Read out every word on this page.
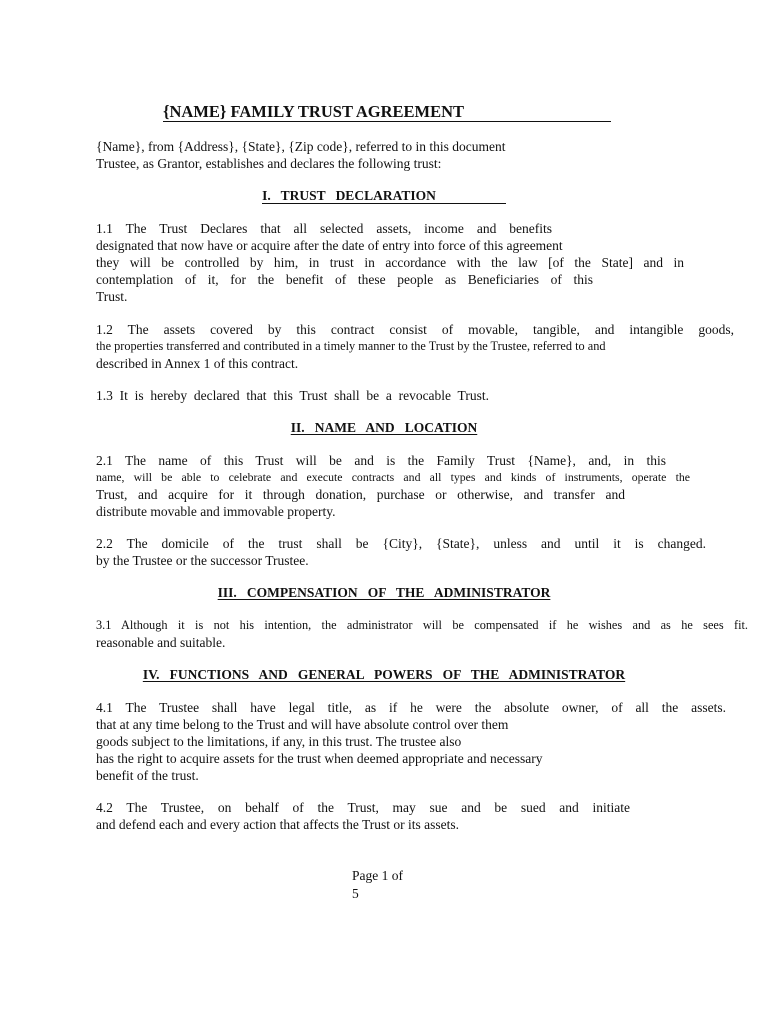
{NAME} FAMILY TRUST AGREEMENT
{Name}, from {Address}, {State}, {Zip code}, referred to in this document
Trustee, as Grantor, establishes and declares the following trust:
I.   TRUST   DECLARATION
1.1 The Trust Declares that all selected assets, income and benefits
designated that now have or acquire after the date of entry into force of this agreement
they will be controlled by him, in trust in accordance with the law [of the State] and in
contemplation of it, for the benefit of these people as Beneficiaries of this
Trust.
1.2 The assets covered by this contract consist of movable, tangible, and intangible goods,
the properties transferred and contributed in a timely manner to the Trust by the Trustee, referred to and
described in Annex 1 of this contract.
1.3  It  is  hereby  declared  that  this  Trust  shall  be  a  revocable  Trust.
II.   NAME   AND   LOCATION
2.1 The name of this Trust will be and is the Family Trust {Name}, and, in this
name, will be able to celebrate and execute contracts and all types and kinds of instruments, operate the
Trust, and acquire for it through donation, purchase or otherwise, and transfer and
distribute movable and immovable property.
2.2 The domicile of the trust shall be {City}, {State}, unless and until it is changed.
by the Trustee or the successor Trustee.
III.   COMPENSATION   OF   THE   ADMINISTRATOR
3.1 Although it is not his intention, the administrator will be compensated if he wishes and as he sees fit.
reasonable and suitable.
IV.   FUNCTIONS   AND   GENERAL   POWERS   OF   THE   ADMINISTRATOR
4.1 The Trustee shall have legal title, as if he were the absolute owner, of all the assets.
that at any time belong to the Trust and will have absolute control over them
goods subject to the limitations, if any, in this trust. The trustee also
has the right to acquire assets for the trust when deemed appropriate and necessary
benefit of the trust.
4.2 The Trustee, on behalf of the Trust, may sue and be sued and initiate
and defend each and every action that affects the Trust or its assets.
Page 1 of
5
